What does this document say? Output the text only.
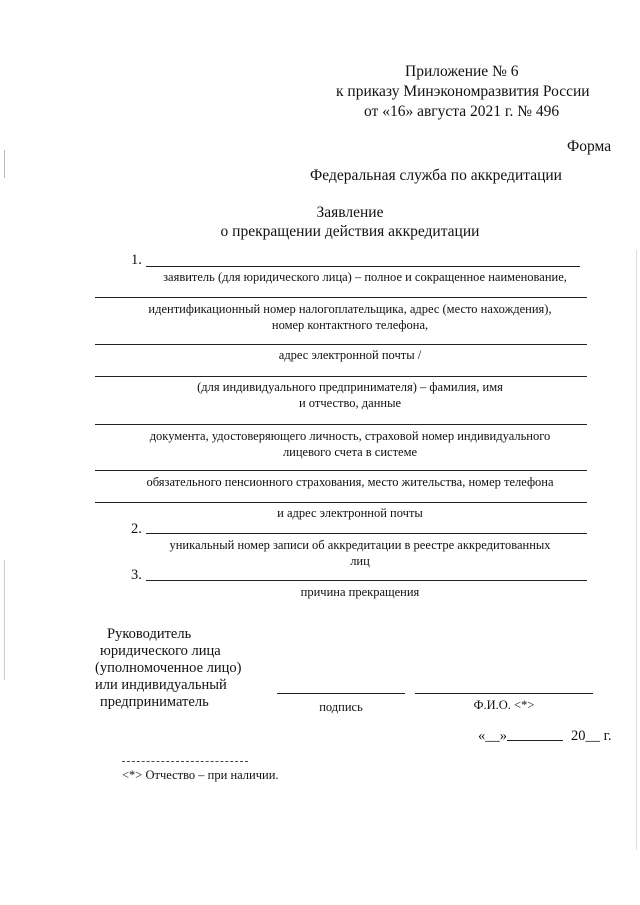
Приложение № 6
к приказу Минэкономразвития России
от «16» августа 2021 г. № 496
Форма
Федеральная служба по аккредитации
Заявление
о прекращении действия аккредитации
1.
заявитель (для юридического лица) – полное и сокращенное наименование,
идентификационный номер налогоплательщика, адрес (место нахождения),
номер контактного телефона,
адрес электронной почты /
(для индивидуального предпринимателя) – фамилия, имя
и отчество, данные
документа, удостоверяющего личность, страховой номер индивидуального
лицевого счета в системе
обязательного пенсионного страхования, место жительства, номер телефона
и адрес электронной почты
2.
уникальный номер записи об аккредитации в реестре аккредитованных
лиц
3.
причина прекращения
Руководитель
юридического лица
(уполномоченное лицо)
или индивидуальный
предприниматель	подпись	Ф.И.О. <*>
«__»	20__ г.
<*> Отчество – при наличии.
